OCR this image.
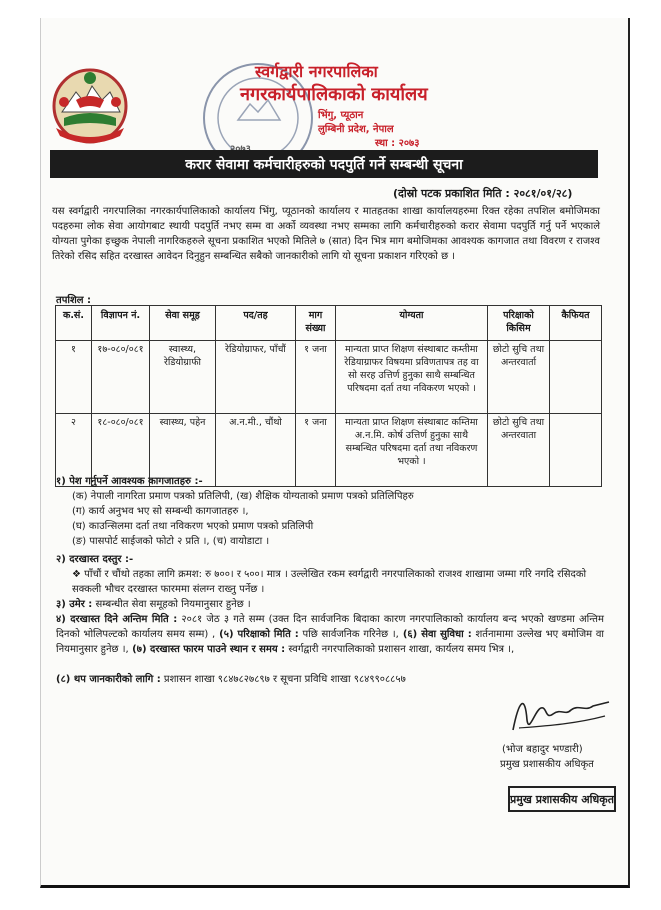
स्वर्गद्वारी नगरपालिका
नगरकार्यपालिकाको कार्यालय
भिंगु, प्यूठान
लुम्बिनी प्रदेश, नेपाल
स्था : २०७३
करार सेवामा कर्मचारीहरुको पदपुर्ति गर्ने सम्बन्धी सूचना
(दोस्रो पटक प्रकाशित मिति : २०८१/०१/२८)
यस स्वर्गद्वारी नगरपालिका नगरकार्यपालिकाको कार्यालय भिंगु, प्यूठानको कार्यालय र मातहतका शाखा कार्यालयहरुमा रिक्त रहेका तपशिल बमोजिमका पदहरुमा लोक सेवा आयोगबाट स्थायी पदपुर्ति नभए सम्म वा अर्को व्यवस्था नभए सम्मका लागि कर्मचारीहरुको करार सेवामा पदपुर्ति गर्नु पर्ने भएकाले योग्यता पुगेका इच्छुक नेपाली नागरिकहरुले सूचना प्रकाशित भएको मितिले ७ (सात) दिन भित्र माग बमोजिमका आवश्यक कागजात तथा विवरण र राजश्व तिरेको रसिद सहित दरखास्त आवेदन दिनुहुन सम्बन्धित सबैको जानकारीको लागि यो सूचना प्रकाशन गरिएको छ ।
तपशिल :
क.सं.	विज्ञापन नं.	सेवा समूह	पद/तह	माग संख्या	योग्यता	परिक्षाको किसिम	कैफियत
१	१७-०८०/०८१	स्वास्थ्य, रेडियोग्राफी	रेडियोग्राफर, पाँचौं	१ जना	मान्यता प्राप्त शिक्षण संस्थाबाट कम्तीमा रेडियाग्राफर विषयमा प्रविणतापत्र तह वा सो सरह उत्तिर्ण हुनुका साथै सम्बन्धित परिषदमा दर्ता तथा नविकरण भएको ।	छोटो सुचि तथा अन्तरवार्ता	
२	१८-०८०/०८१	स्वास्थ्य, पहेन	अ.न.मी., चौंथो	१ जना	मान्यता प्राप्त शिक्षण संस्थाबाट कम्तिमा अ.न.मि. कोर्ष उत्तिर्ण हुनुका साथै सम्बन्धित परिषदमा दर्ता तथा नविकरण भएको ।	छोटो सुचि तथा अन्तरवाता	
१) पेश गर्नुपर्ने आवश्यक कागजातहरु :-
(क) नेपाली नागरिता प्रमाण पत्रको प्रतिलिपी, (ख) शैक्षिक योग्यताको प्रमाण पत्रको प्रतिलिपिहरु
(ग) कार्य अनुभव भए सो सम्बन्धी कागजातहरु ।,
(घ) काउन्सिलमा दर्ता तथा नविकरण भएको प्रमाण पत्रको प्रतिलिपी
(ङ) पासपोर्ट साईजको फोटो २ प्रति ।, (च) वायोडाटा ।
२) दरखास्त दस्तुर :-
❖ पाँचौं र चौंथो तहका लागि क्रमश: रु ७००। र ५००। मात्र । उल्लेखित रकम स्वर्गद्वारी नगरपालिकाको राजश्व शाखामा जम्मा गरि नगदि रसिदको सक्कली भौचर दरखास्त फारममा संलग्न राख्नु पर्नेछ ।
३) उमेर : सम्बन्धीत सेवा समूहको नियमानुसार हुनेछ ।
४) दरखास्त दिने अन्तिम मिति : २०८१ जेठ ३ गते सम्म (उक्त दिन सार्वजनिक बिदाका कारण नगरपालिकाको कार्यालय बन्द भएको खण्डमा अन्तिम दिनको भोलिपल्टको कार्यालय समय सम्म) , (५) परिक्षाको मिति : पछि सार्वजनिक गरिनेछ ।, (६) सेवा सुविधा : शर्तनामामा उल्लेख भए बमोजिम वा नियमानुसार हुनेछ ।, (७) दरखास्त फारम पाउने स्थान र समय : स्वर्गद्वारी नगरपालिकाको प्रशासन शाखा, कार्यलय समय भित्र ।,
(८) थप जानकारीको लागि : प्रशासन शाखा ९८४७८२७८९७ र सूचना प्रविधि शाखा ९८४९९०८८५७
(भोज बहादुर भण्डारी)
प्रमुख प्रशासकीय अधिकृत
प्रमुख प्रशासकीय अधिकृत
